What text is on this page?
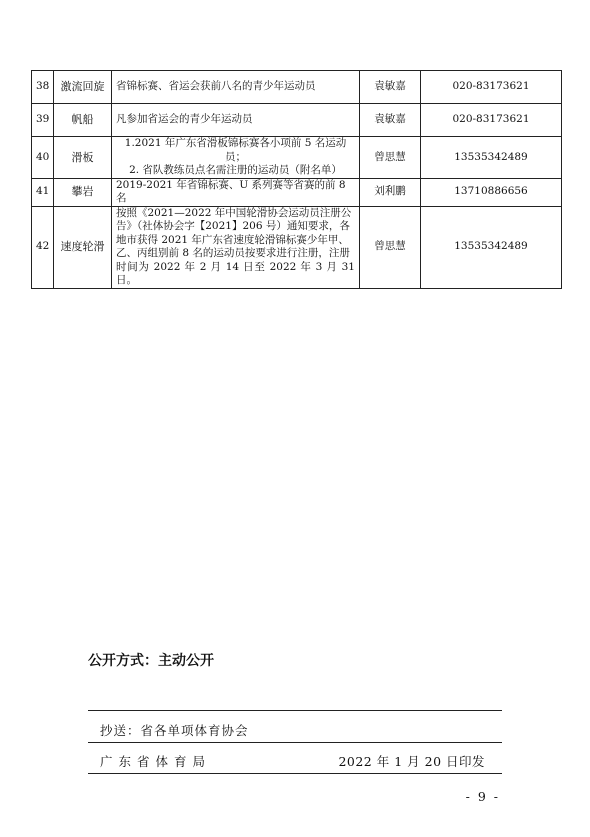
38	激流回旋	省锦标赛、省运会获前八名的青少年运动员	袁敏嘉	020-83173621
39	帆船	凡参加省运会的青少年运动员	袁敏嘉	020-83173621
40	滑板	1.2021 年广东省滑板锦标赛各小项前 5 名运动员；
2. 省队教练员点名需注册的运动员（附名单）	曾思慧	13535342489
41	攀岩	2019-2021 年省锦标赛、U 系列赛等省赛的前 8 名	刘利鹏	13710886656
42	速度轮滑	按照《2021—2022 年中国轮滑协会运动员注册公
告》（社体协会字【2021】206 号）通知要求，各
地市获得 2021 年广东省速度轮滑锦标赛少年甲、
乙、丙组别前 8 名的运动员按要求进行注册，注册
时间为 2022 年 2 月 14 日至 2022 年 3 月 31 日。	曾思慧	13535342489
公开方式：主动公开
抄送：省各单项体育协会
广东省体育局	2022 年 1 月 20 日印发
- 9 -
